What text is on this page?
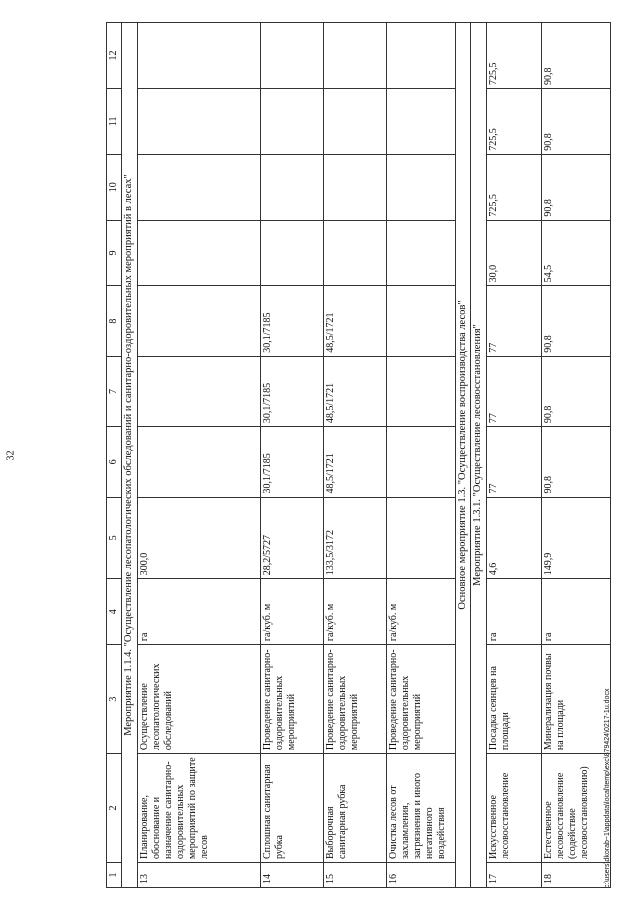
32
c:\users\dkorab~1\appdata\local\temp\exc\879424\0217-1u.docx
1	2	3	4	5	6	7	8	9	10	11	12
Мероприятие 1.1.4. "Осуществление лесопатологических обследований и санитарно-оздоровительных мероприятий в лесах"											
13	Планирование, обоснование и назначение санитарно-оздоровительных мероприятий по защите лесов	Осуществление лесопатологических обследований	га	300,0							
14	Сплошная санитарная рубка	Проведение санитарно-оздоровительных мероприятий	га/куб. м	28,2/5727	30,1/7185	30,1/7185	30,1/7185				
15	Выборочная санитарная рубка	Проведение санитарно-оздоровительных мероприятий	га/куб. м	133,5/3172	48,5/1721	48,5/1721	48,5/1721				
16	Очистка лесов от захламления, загрязнения и иного негативного воздействия	Проведение санитарно-оздоровительных мероприятий	га/куб. м								
Основное мероприятие 1.3. "Осуществление воспроизводства лесов"											
Мероприятие 1.3.1. "Осуществление лесовосстановления"											
17	Искусственное лесовосстановление	Посадка сеянцев на площади	га	4,6	77	77	77	30,0	725,5	725,5	725,5
18	Естественное лесовосстановление (содействие лесовосстановлению)	Минерализация почвы на площади	га	149,9	90,8	90,8	90,8	54,5	90,8	90,8	90,8
